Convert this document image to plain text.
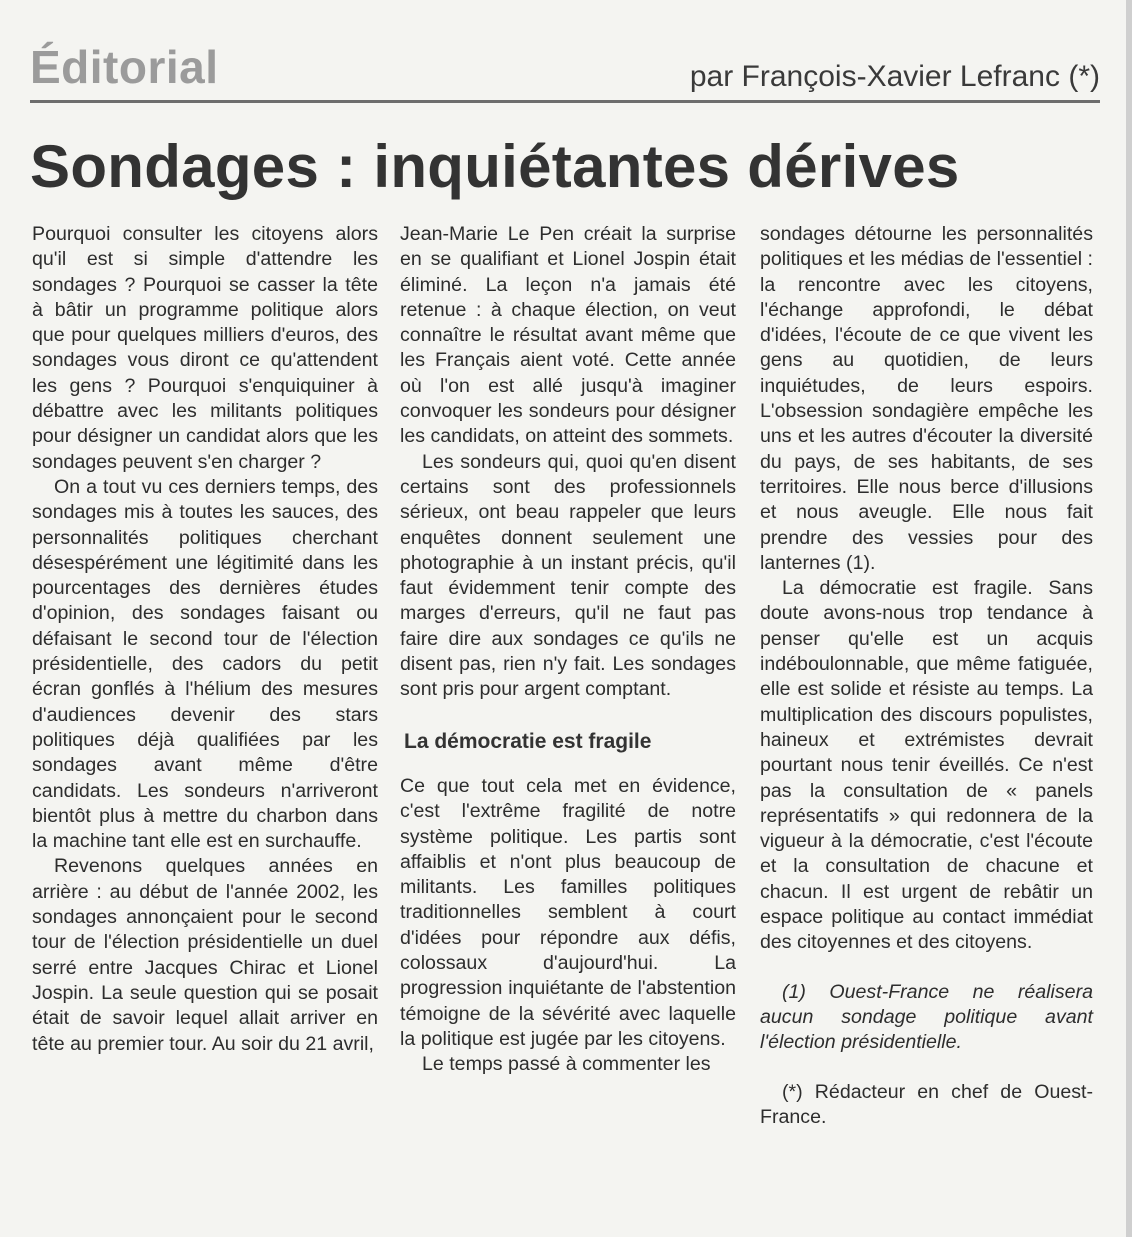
Éditorial	par François-Xavier Lefranc (*)
Sondages : inquiétantes dérives

Pourquoi consulter les citoyens alors qu'il est si simple d'attendre les sondages ? Pourquoi se casser la tête à bâtir un programme politique alors que pour quelques milliers d'euros, des sondages vous diront ce qu'attendent les gens ? Pourquoi s'enquiquiner à débattre avec les militants politiques pour désigner un candidat alors que les sondages peuvent s'en charger ?

On a tout vu ces derniers temps, des sondages mis à toutes les sauces, des personnalités politiques cherchant désespérément une légitimité dans les pourcentages des dernières études d'opinion, des sondages faisant ou défaisant le second tour de l'élection présidentielle, des cadors du petit écran gonflés à l'hélium des mesures d'audiences devenir des stars politiques déjà qualifiées par les sondages avant même d'être candidats. Les sondeurs n'arriveront bientôt plus à mettre du charbon dans la machine tant elle est en surchauffe.

Revenons quelques années en arrière : au début de l'année 2002, les sondages annonçaient pour le second tour de l'élection présidentielle un duel serré entre Jacques Chirac et Lionel Jospin. La seule question qui se posait était de savoir lequel allait arriver en tête au premier tour. Au soir du 21 avril,

Jean-Marie Le Pen créait la surprise en se qualifiant et Lionel Jospin était éliminé. La leçon n'a jamais été retenue : à chaque élection, on veut connaître le résultat avant même que les Français aient voté. Cette année où l'on est allé jusqu'à imaginer convoquer les sondeurs pour désigner les candidats, on atteint des sommets.

Les sondeurs qui, quoi qu'en disent certains sont des professionnels sérieux, ont beau rappeler que leurs enquêtes donnent seulement une photographie à un instant précis, qu'il faut évidemment tenir compte des marges d'erreurs, qu'il ne faut pas faire dire aux sondages ce qu'ils ne disent pas, rien n'y fait. Les sondages sont pris pour argent comptant.

La démocratie est fragile

Ce que tout cela met en évidence, c'est l'extrême fragilité de notre système politique. Les partis sont affaiblis et n'ont plus beaucoup de militants. Les familles politiques traditionnelles semblent à court d'idées pour répondre aux défis, colossaux d'aujourd'hui. La progression inquiétante de l'abstention témoigne de la sévérité avec laquelle la politique est jugée par les citoyens.

Le temps passé à commenter les

sondages détourne les personnalités politiques et les médias de l'essentiel : la rencontre avec les citoyens, l'échange approfondi, le débat d'idées, l'écoute de ce que vivent les gens au quotidien, de leurs inquiétudes, de leurs espoirs. L'obsession sondagière empêche les uns et les autres d'écouter la diversité du pays, de ses habitants, de ses territoires. Elle nous berce d'illusions et nous aveugle. Elle nous fait prendre des vessies pour des lanternes (1).

La démocratie est fragile. Sans doute avons-nous trop tendance à penser qu'elle est un acquis indéboulonnable, que même fatiguée, elle est solide et résiste au temps. La multiplication des discours populistes, haineux et extrémistes devrait pourtant nous tenir éveillés. Ce n'est pas la consultation de « panels représentatifs » qui redonnera de la vigueur à la démocratie, c'est l'écoute et la consultation de chacune et chacun. Il est urgent de rebâtir un espace politique au contact immédiat des citoyennes et des citoyens.

(1) Ouest-France ne réalisera aucun sondage politique avant l'élection présidentielle.

(*) Rédacteur en chef de Ouest-France.
